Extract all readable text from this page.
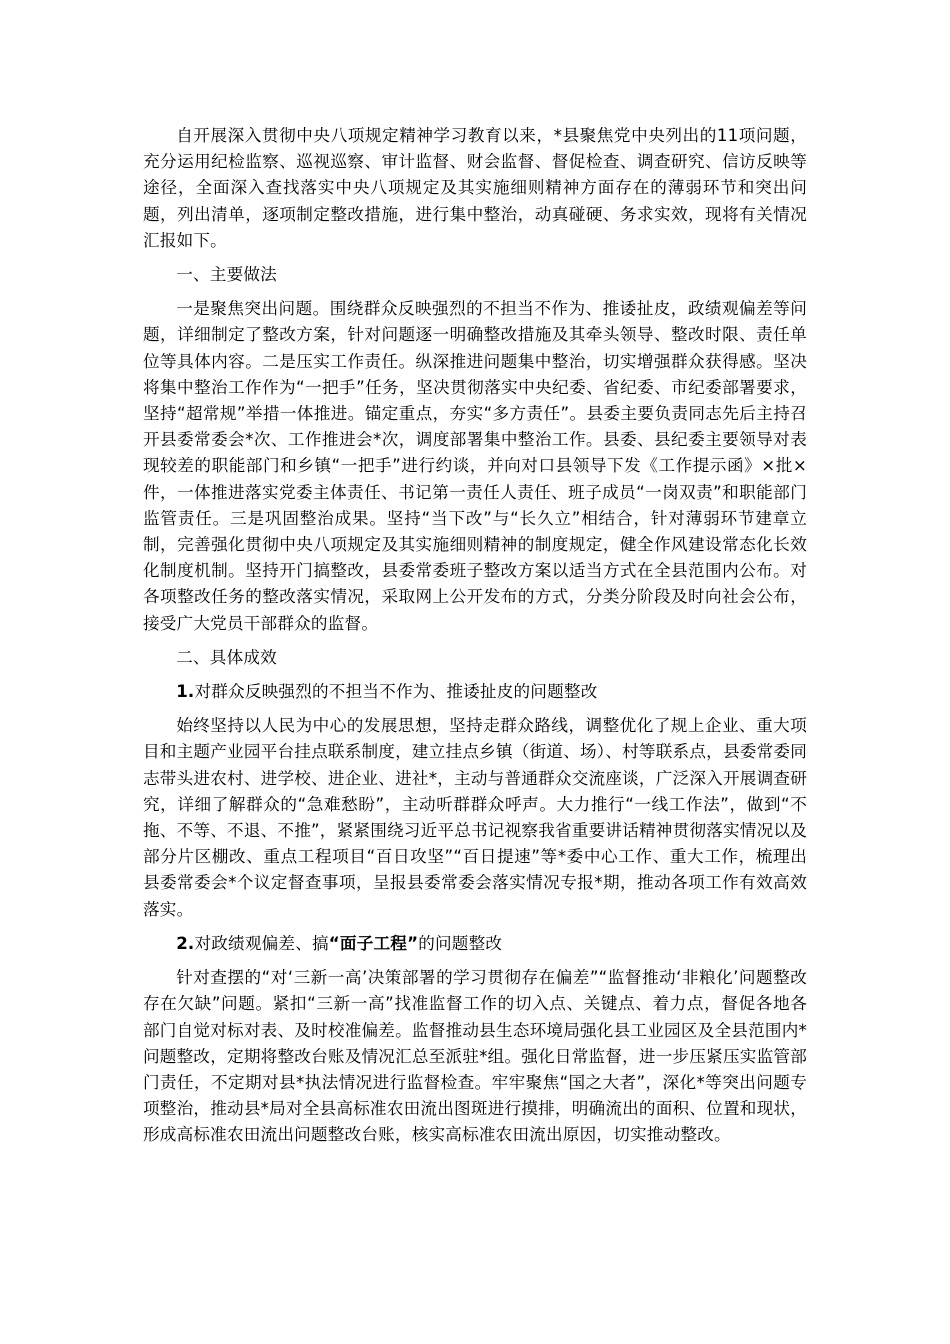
自开展深入贯彻中央八项规定精神学习教育以来，*县聚焦党中央列出的11项问题，充分运用纪检监察、巡视巡察、审计监督、财会监督、督促检查、调查研究、信访反映等途径，全面深入查找落实中央八项规定及其实施细则精神方面存在的薄弱环节和突出问题，列出清单，逐项制定整改措施，进行集中整治，动真碰硬、务求实效，现将有关情况汇报如下。

一、主要做法

一是聚焦突出问题。围绕群众反映强烈的不担当不作为、推诿扯皮，政绩观偏差等问题，详细制定了整改方案，针对问题逐一明确整改措施及其牵头领导、整改时限、责任单位等具体内容。二是压实工作责任。纵深推进问题集中整治，切实增强群众获得感。坚决将集中整治工作作为“一把手”任务，坚决贯彻落实中央纪委、省纪委、市纪委部署要求，坚持“超常规”举措一体推进。锚定重点，夯实“多方责任”。县委主要负责同志先后主持召开县委常委会*次、工作推进会*次，调度部署集中整治工作。县委、县纪委主要领导对表现较差的职能部门和乡镇“一把手”进行约谈，并向对口县领导下发《工作提示函》×批×件，一体推进落实党委主体责任、书记第一责任人责任、班子成员“一岗双责”和职能部门监管责任。三是巩固整治成果。坚持“当下改”与“长久立”相结合，针对薄弱环节建章立制，完善强化贯彻中央八项规定及其实施细则精神的制度规定，健全作风建设常态化长效化制度机制。坚持开门搞整改，县委常委班子整改方案以适当方式在全县范围内公布。对各项整改任务的整改落实情况，采取网上公开发布的方式，分类分阶段及时向社会公布，接受广大党员干部群众的监督。

二、具体成效

1.对群众反映强烈的不担当不作为、推诿扯皮的问题整改

始终坚持以人民为中心的发展思想，坚持走群众路线，调整优化了规上企业、重大项目和主题产业园平台挂点联系制度，建立挂点乡镇（街道、场）、村等联系点，县委常委同志带头进农村、进学校、进企业、进社*，主动与普通群众交流座谈，广泛深入开展调查研究，详细了解群众的“急难愁盼”，主动听群群众呼声。大力推行“一线工作法”，做到“不拖、不等、不退、不推”，紧紧围绕习近平总书记视察我省重要讲话精神贯彻落实情况以及部分片区棚改、重点工程项目“百日攻坚”“百日提速”等*委中心工作、重大工作，梳理出县委常委会*个议定督查事项，呈报县委常委会落实情况专报*期，推动各项工作有效高效落实。

2.对政绩观偏差、搞“面子工程”的问题整改

针对查摆的“对‘三新一高’决策部署的学习贯彻存在偏差”“监督推动‘非粮化’问题整改存在欠缺”问题。紧扣“三新一高”找准监督工作的切入点、关键点、着力点，督促各地各部门自觉对标对表、及时校准偏差。监督推动县生态环境局强化县工业园区及全县范围内*问题整改，定期将整改台账及情况汇总至派驻*组。强化日常监督，进一步压紧压实监管部门责任，不定期对县*执法情况进行监督检查。牢牢聚焦“国之大者”，深化*等突出问题专项整治，推动县*局对全县高标准农田流出图斑进行摸排，明确流出的面积、位置和现状，形成高标准农田流出问题整改台账，核实高标准农田流出原因，切实推动整改。
